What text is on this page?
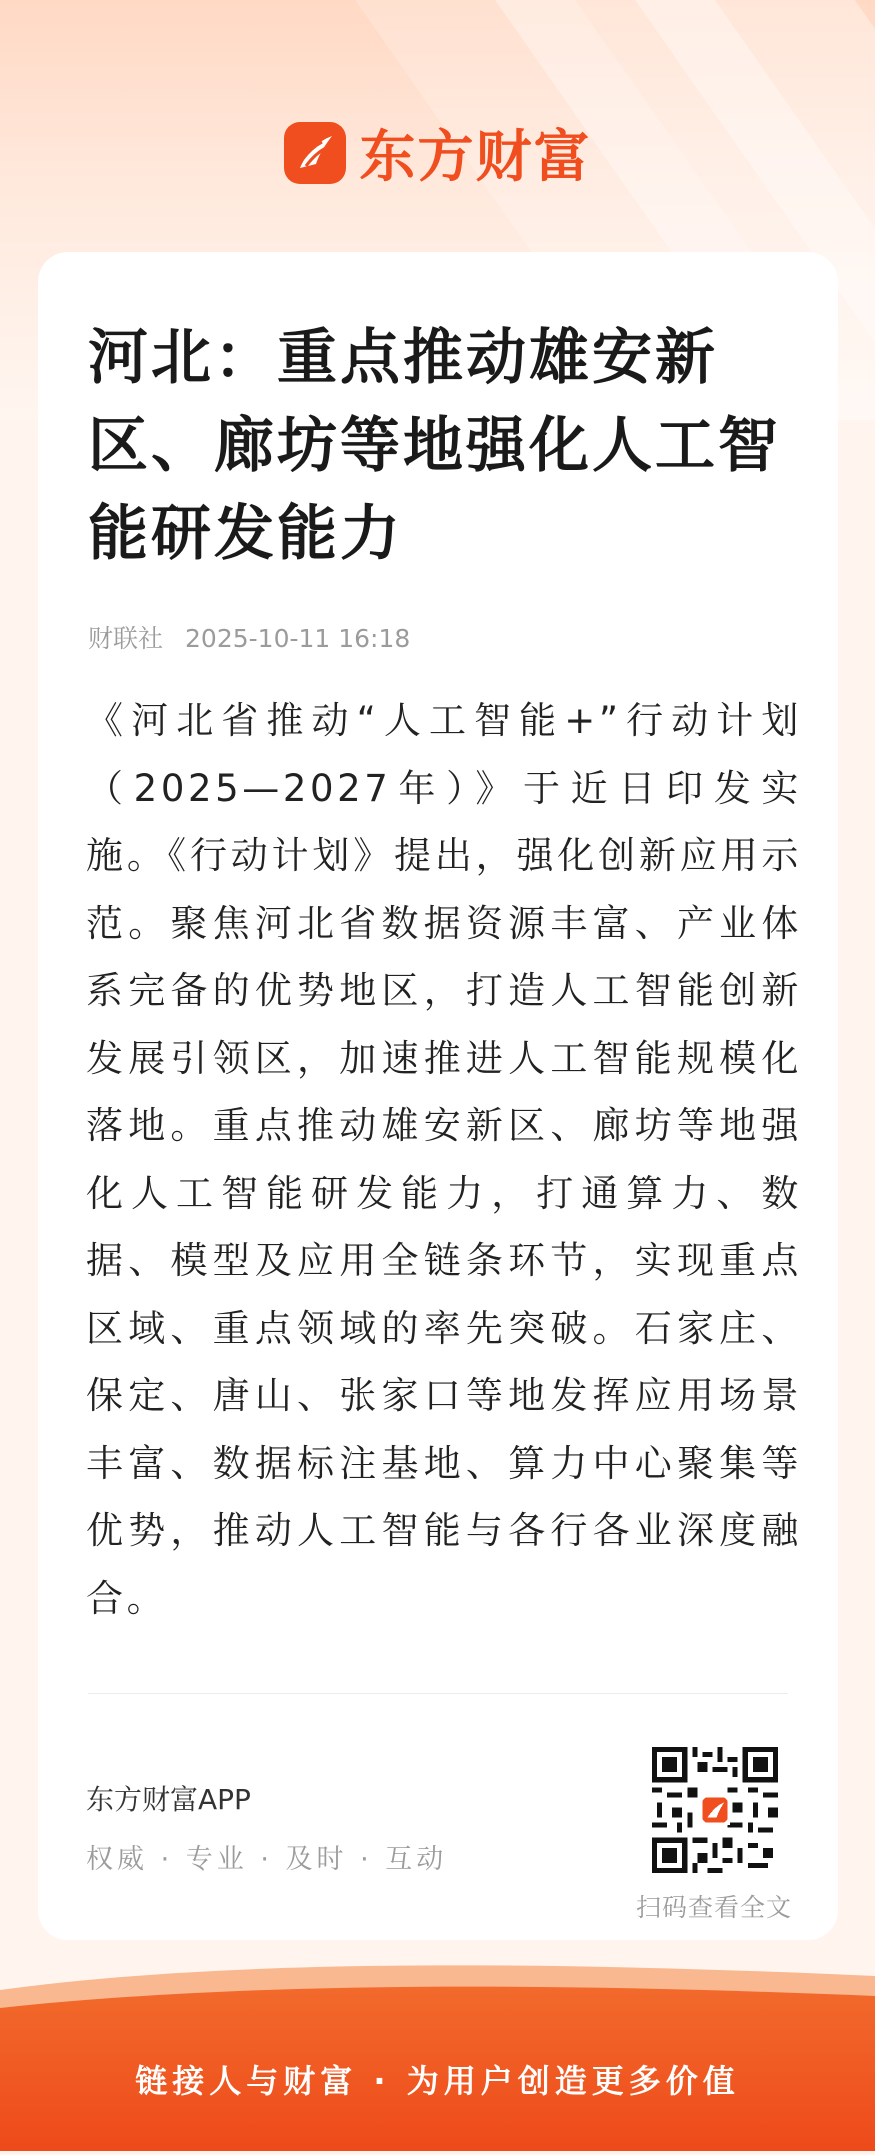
东方财富
河北：重点推动雄安新区、廊坊等地强化人工智能研发能力
财联社 2025-10-11 16:18
《河北省推动“人工智能+”行动计划（2025—2027年）》于近日印发实施。《行动计划》提出，强化创新应用示范。聚焦河北省数据资源丰富、产业体系完备的优势地区，打造人工智能创新发展引领区，加速推进人工智能规模化落地。重点推动雄安新区、廊坊等地强化人工智能研发能力，打通算力、数据、模型及应用全链条环节，实现重点区域、重点领域的率先突破。石家庄、保定、唐山、张家口等地发挥应用场景丰富、数据标注基地、算力中心聚集等优势，推动人工智能与各行各业深度融合。
东方财富APP
权威 · 专业 · 及时 · 互动
扫码查看全文
链接人与财富 · 为用户创造更多价值
